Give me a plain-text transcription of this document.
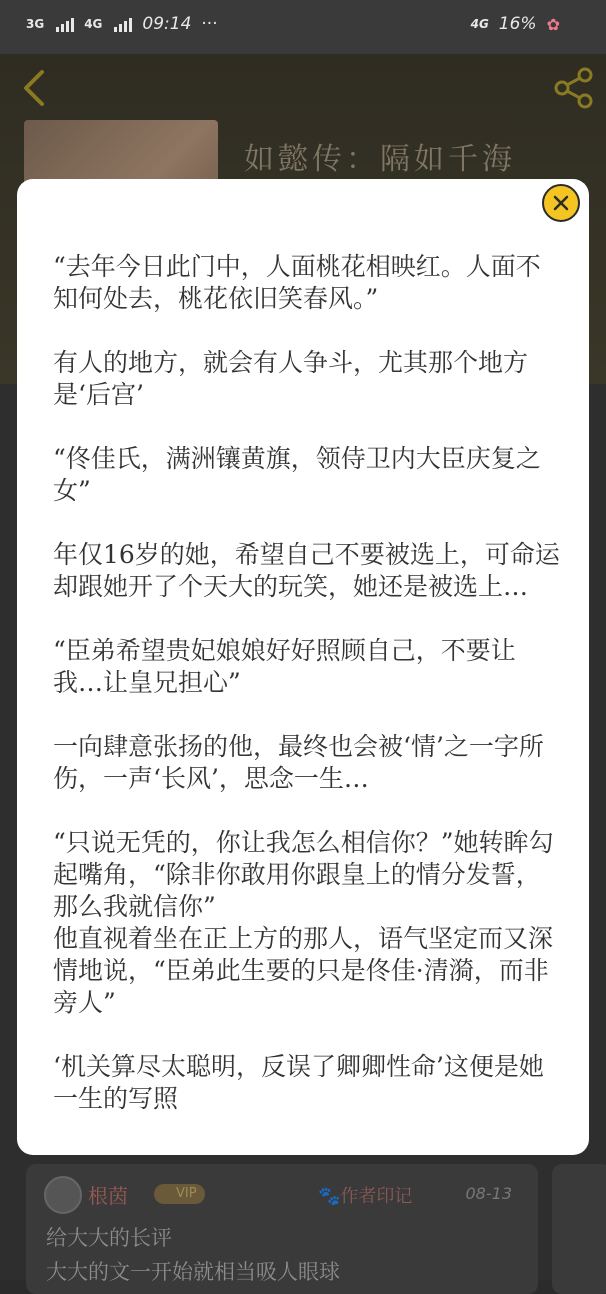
3G	4G 09:14 ···	4G 16% ✿
如懿传：隔如千海
根茵	VIP	🐾作者印记	08-13
给大大的长评
大大的文一开始就相当吸人眼球

“去年今日此门中，人面桃花相映红。人面不知何处去，桃花依旧笑春风。”

有人的地方，就会有人争斗，尤其那个地方是‘后宫’

“佟佳氏，满洲镶黄旗，领侍卫内大臣庆复之女”

年仅16岁的她，希望自己不要被选上，可命运却跟她开了个天大的玩笑，她还是被选上…

“臣弟希望贵妃娘娘好好照顾自己，不要让我…让皇兄担心”

一向肆意张扬的他，最终也会被‘情’之一字所伤，一声‘长风’，思念一生…

“只说无凭的，你让我怎么相信你？”她转眸勾起嘴角，“除非你敢用你跟皇上的情分发誓，那么我就信你”

他直视着坐在正上方的那人，语气坚定而又深情地说，“臣弟此生要的只是佟佳·清漪，而非旁人”

‘机关算尽太聪明，反误了卿卿性命’这便是她一生的写照
